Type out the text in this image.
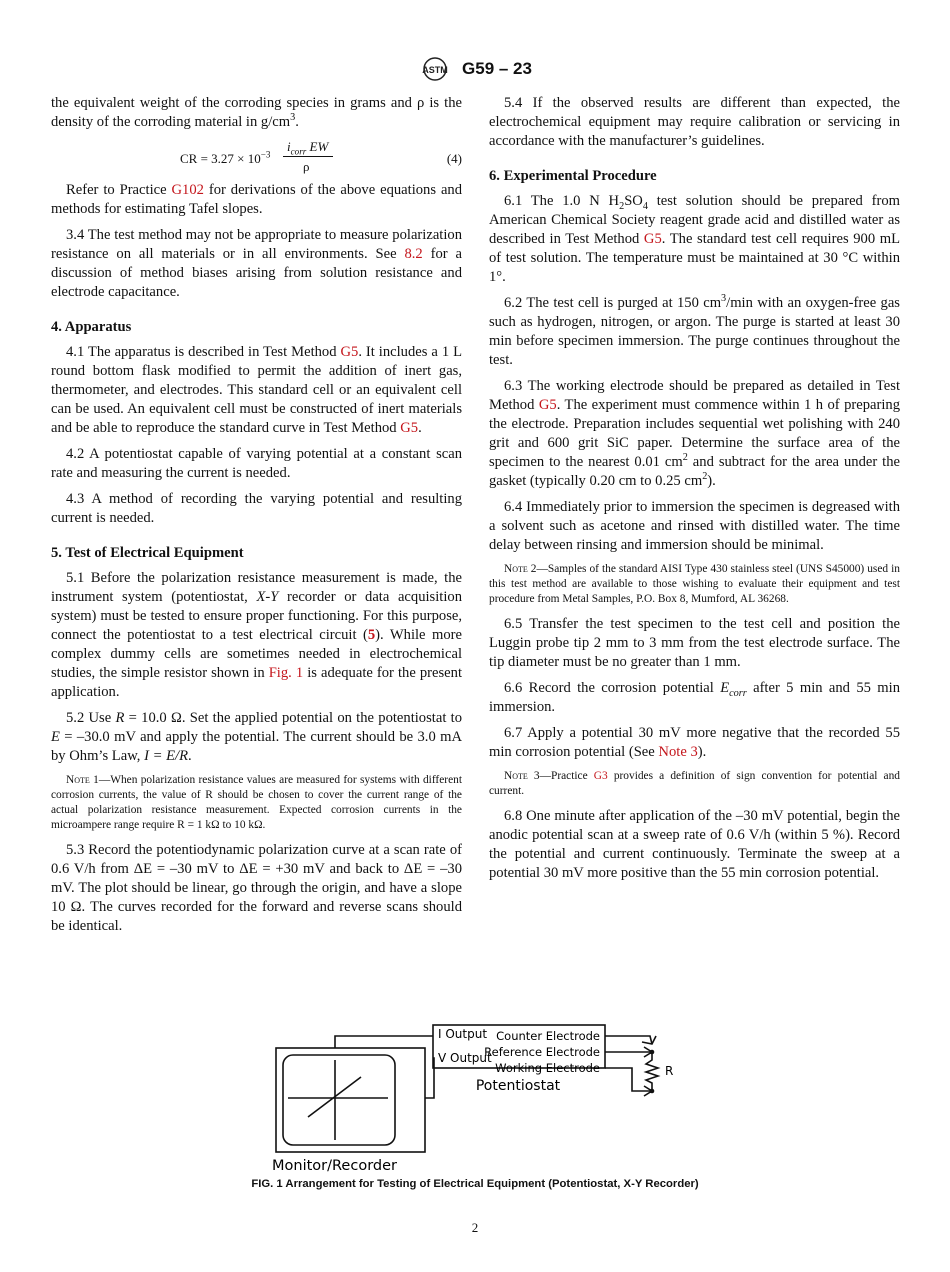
ASTM G59 – 23
the equivalent weight of the corroding species in grams and ρ is the density of the corroding material in $g/cm^3$.
CR = $3.27 \times 10^{-3}$
$i_{corr}$ EW
ρ
(4)
Refer to Practice G102 for derivations of the above equations and methods for estimating Tafel slopes.
3.4 The test method may not be appropriate to measure polarization resistance on all materials or in all environments. See 8.2 for a discussion of method biases arising from solution resistance and electrode capacitance.
4. Apparatus
4.1 The apparatus is described in Test Method G5. It includes a 1 L round bottom flask modified to permit the addition of inert gas, thermometer, and electrodes. This standard cell or an equivalent cell can be used. An equivalent cell must be constructed of inert materials and be able to reproduce the standard curve in Test Method G5.
4.2 A potentiostat capable of varying potential at a constant scan rate and measuring the current is needed.
4.3 A method of recording the varying potential and resulting current is needed.
5. Test of Electrical Equipment
5.1 Before the polarization resistance measurement is made, the instrument system (potentiostat, X-Y recorder or data acquisition system) must be tested to ensure proper functioning. For this purpose, connect the potentiostat to a test electrical circuit (5). While more complex dummy cells are sometimes needed in electrochemical studies, the simple resistor shown in Fig. 1 is adequate for the present application.
5.2 Use R = 10.0 Ω. Set the applied potential on the potentiostat to E = –30.0 mV and apply the potential. The current should be 3.0 mA by Ohm’s Law, I = E/R.
Note 1—When polarization resistance values are measured for systems with different corrosion currents, the value of R should be chosen to cover the current range of the actual polarization resistance measurement. Expected corrosion currents in the microampere range require R = 1 kΩ to 10 kΩ.
5.3 Record the potentiodynamic polarization curve at a scan rate of 0.6 V/h from ΔE = –30 mV to ΔE = +30 mV and back to ΔE = –30 mV. The plot should be linear, go through the origin, and have a slope 10 Ω. The curves recorded for the forward and reverse scans should be identical.
5.4 If the observed results are different than expected, the electrochemical equipment may require calibration or servicing in accordance with the manufacturer’s guidelines.
6. Experimental Procedure
6.1 The 1.0 N $H_2SO_4$ test solution should be prepared from American Chemical Society reagent grade acid and distilled water as described in Test Method G5. The standard test cell requires 900 mL of test solution. The temperature must be maintained at 30 °C within 1°.
6.2 The test cell is purged at 150 $cm^3/\min$ with an oxygen-free gas such as hydrogen, nitrogen, or argon. The purge is started at least 30 min before specimen immersion. The purge continues throughout the test.
6.3 The working electrode should be prepared as detailed in Test Method G5. The experiment must commence within 1 h of preparing the electrode. Preparation includes sequential wet polishing with 240 grit and 600 grit SiC paper. Determine the surface area of the specimen to the nearest 0.01 $cm^2$ and subtract for the area under the gasket (typically 0.20 cm to 0.25 $cm^2$).
6.4 Immediately prior to immersion the specimen is degreased with a solvent such as acetone and rinsed with distilled water. The time delay between rinsing and immersion should be minimal.
Note 2—Samples of the standard AISI Type 430 stainless steel (UNS S45000) used in this test method are available to those wishing to evaluate their equipment and test procedure from Metal Samples, P.O. Box 8, Mumford, AL 36268.
6.5 Transfer the test specimen to the test cell and position the Luggin probe tip 2 mm to 3 mm from the test electrode surface. The tip diameter must be no greater than 1 mm.
6.6 Record the corrosion potential $E_{corr}$ after 5 min and 55 min immersion.
6.7 Apply a potential 30 mV more negative that the recorded 55 min corrosion potential (See Note 3).
Note 3—Practice G3 provides a definition of sign convention for potential and current.
6.8 One minute after application of the –30 mV potential, begin the anodic potential scan at a sweep rate of 0.6 V/h (within 5 %). Record the potential and current continuously. Terminate the sweep at a potential 30 mV more positive than the 55 min corrosion potential.
I Output
V Output
Counter Electrode
Reference Electrode
Working Electrode
Potentiostat
R
Monitor/Recorder
FIG. 1 Arrangement for Testing of Electrical Equipment (Potentiostat, X-Y Recorder)
2
